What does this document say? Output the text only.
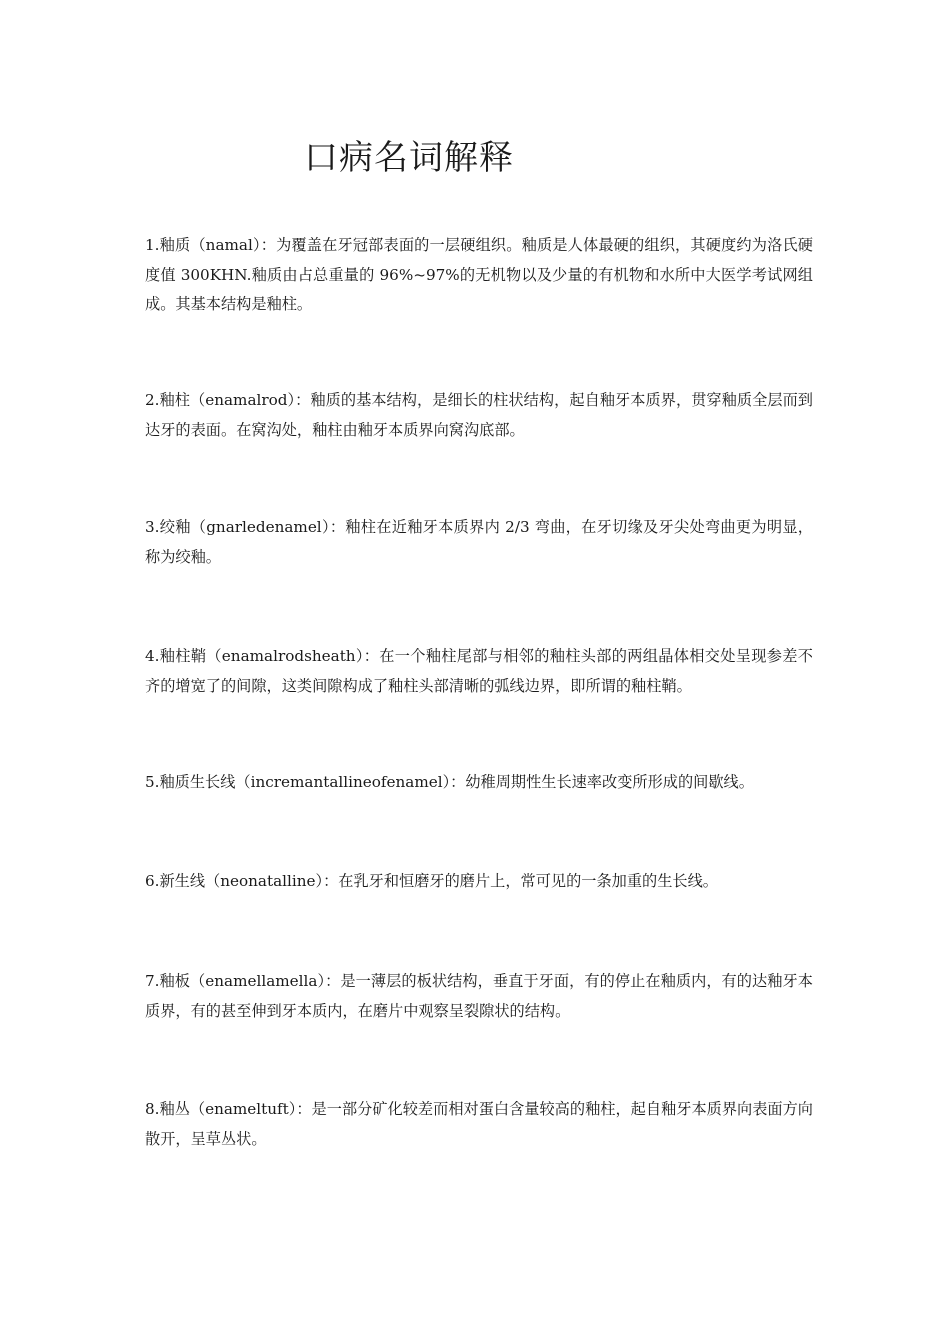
口病名词解释

1.釉质（namal）：为覆盖在牙冠部表面的一层硬组织。釉质是人体最硬的组织，其硬度约为洛氏硬度值 300KHN.釉质由占总重量的 96%~97%的无机物以及少量的有机物和水所中大医学考试网组成。其基本结构是釉柱。

2.釉柱（enamalrod）：釉质的基本结构，是细长的柱状结构，起自釉牙本质界，贯穿釉质全层而到达牙的表面。在窝沟处，釉柱由釉牙本质界向窝沟底部。

3.绞釉（gnarledenamel）：釉柱在近釉牙本质界内 2/3 弯曲，在牙切缘及牙尖处弯曲更为明显，称为绞釉。

4.釉柱鞘（enamalrodsheath）：在一个釉柱尾部与相邻的釉柱头部的两组晶体相交处呈现参差不齐的增宽了的间隙，这类间隙构成了釉柱头部清晰的弧线边界，即所谓的釉柱鞘。

5.釉质生长线（incremantallineofenamel）：幼稚周期性生长速率改变所形成的间歇线。

6.新生线（neonatalline）：在乳牙和恒磨牙的磨片上，常可见的一条加重的生长线。

7.釉板（enamellamella）：是一薄层的板状结构，垂直于牙面，有的停止在釉质内，有的达釉牙本质界，有的甚至伸到牙本质内，在磨片中观察呈裂隙状的结构。

8.釉丛（enameltuft）：是一部分矿化较差而相对蛋白含量较高的釉柱，起自釉牙本质界向表面方向散开，呈草丛状。
